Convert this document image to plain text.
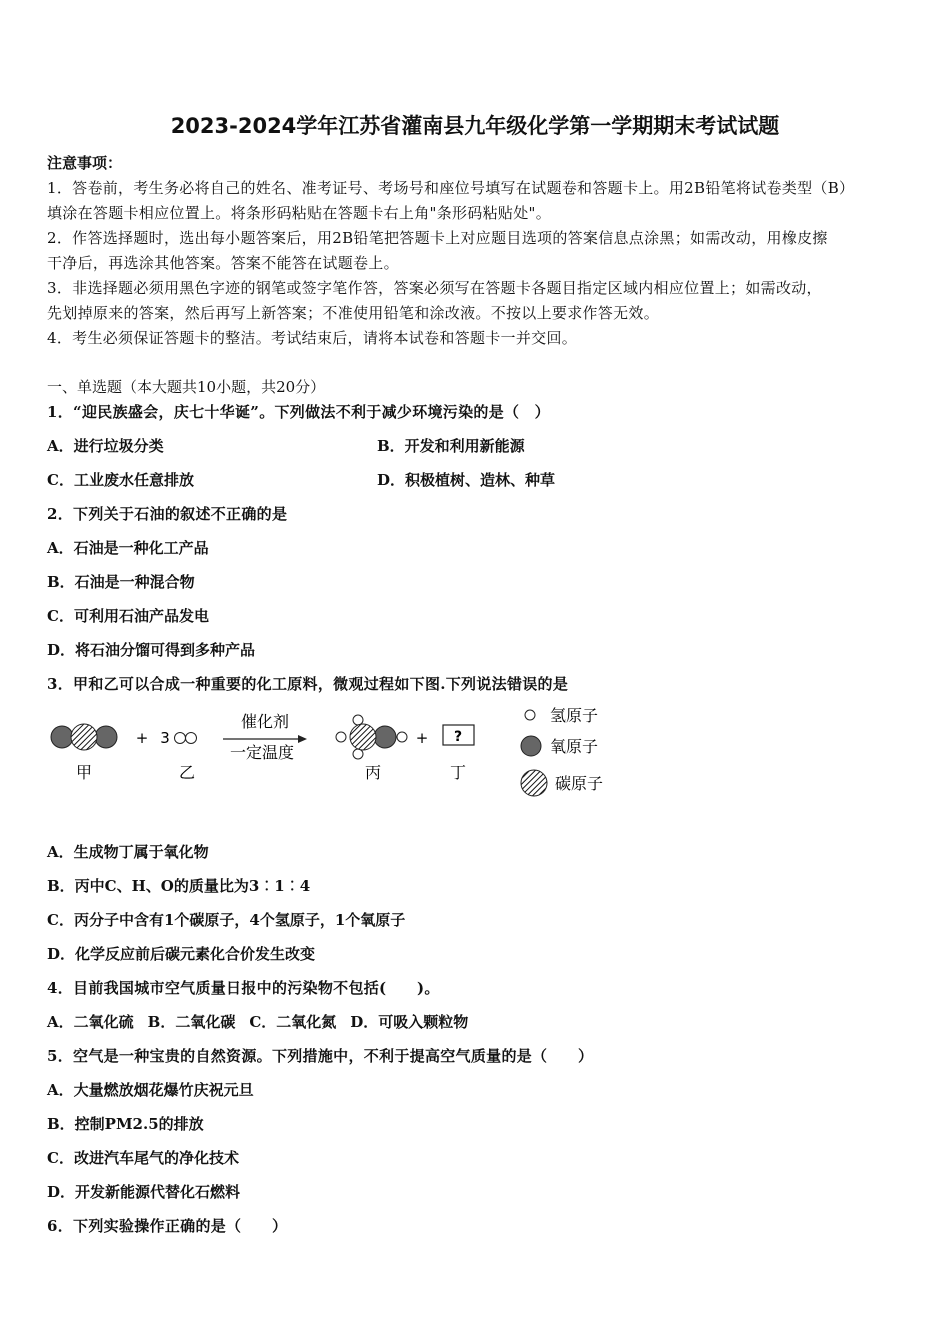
2023-2024学年江苏省灌南县九年级化学第一学期期末考试试题
注意事项：
1．答卷前，考生务必将自己的姓名、准考证号、考场号和座位号填写在试题卷和答题卡上。用2B铅笔将试卷类型（B）
填涂在答题卡相应位置上。将条形码粘贴在答题卡右上角"条形码粘贴处"。
2．作答选择题时，选出每小题答案后，用2B铅笔把答题卡上对应题目选项的答案信息点涂黑；如需改动，用橡皮擦
干净后，再选涂其他答案。答案不能答在试题卷上。
3．非选择题必须用黑色字迹的钢笔或签字笔作答，答案必须写在答题卡各题目指定区域内相应位置上；如需改动，
先划掉原来的答案，然后再写上新答案；不准使用铅笔和涂改液。不按以上要求作答无效。
4．考生必须保证答题卡的整洁。考试结束后，请将本试卷和答题卡一并交回。
一、单选题（本大题共10小题，共20分）
1．“迎民族盛会，庆七十华诞”。下列做法不利于减少环境污染的是（　）
A．进行垃圾分类	B．开发和利用新能源
C．工业废水任意排放	D．积极植树、造林、种草
2．下列关于石油的叙述不正确的是
A．石油是一种化工产品
B．石油是一种混合物
C．可利用石油产品发电
D．将石油分馏可得到多种产品
3．甲和乙可以合成一种重要的化工原料，微观过程如下图.下列说法错误的是
甲
+ 3
乙
催化剂
一定温度
丙
+ ?
丁
氢原子
氧原子
碳原子
A．生成物丁属于氧化物
B．丙中C、H、O的质量比为3︰1︰4
C．丙分子中含有1个碳原子，4个氢原子，1个氧原子
D．化学反应前后碳元素化合价发生改变
4．目前我国城市空气质量日报中的污染物不包括(　　)。
A．二氧化硫 B．二氧化碳 C．二氧化氮 D．可吸入颗粒物
5．空气是一种宝贵的自然资源。下列措施中，不利于提高空气质量的是（　　）
A．大量燃放烟花爆竹庆祝元旦
B．控制PM2.5的排放
C．改进汽车尾气的净化技术
D．开发新能源代替化石燃料
6．下列实验操作正确的是（　　）
